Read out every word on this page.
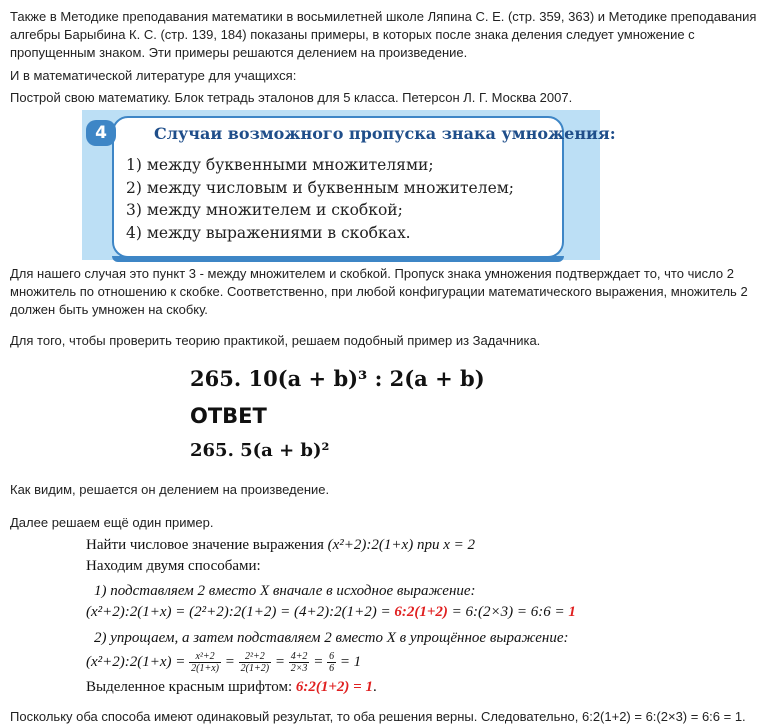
Также в Методике преподавания математики в восьмилетней школе Ляпина С. Е. (стр. 359, 363) и Методике преподавания алгебры Барыбина К. С. (стр. 139, 184) показаны примеры, в которых после знака деления следует умножение с пропущенным знаком. Эти примеры решаются делением на произведение.

И в математической литературе для учащихся:

Построй свою математику. Блок тетрадь эталонов для 5 класса. Петерсон Л. Г. Москва 2007.

Случаи возможного пропуска знака умножения:
1) между буквенными множителями;
2) между числовым и буквенным множителем;
3) между множителем и скобкой;
4) между выражениями в скобках.
4

Для нашего случая это пункт 3 - между множителем и скобкой. Пропуск знака умножения подтверждает то, что число 2 множитель по отношению к скобке. Соответственно, при любой конфигурации математического выражения, множитель 2 должен быть умножен на скобку.

Для того, чтобы проверить теорию практикой, решаем подобный пример из Задачника.

265. 10(a + b)³ : 2(a + b)
ОТВЕТ
265. 5(a + b)²

Как видим, решается он делением на произведение.

Далее решаем ещё один пример.

Найти числовое значение выражения (x²+2):2(1+x) при x = 2
Находим двумя способами:
1) подставляем 2 вместо Х вначале в исходное выражение:
(x²+2):2(1+x) = (2²+2):2(1+2) = (4+2):2(1+2) = 6:2(1+2) = 6:(2×3) = 6:6 = 1
2) упрощаем, а затем подставляем 2 вместо Х в упрощённое выражение:
(x²+2):2(1+x) = $\frac{\text{x²+2}}{2(1+x)} = \frac{\text{2²+2}}{2(1+2)} = \frac{4+2}{2\times 3} = \frac{6}{6} = 1$
Выделенное красным шрифтом: 6:2(1+2) = 1.

Поскольку оба способа имеют одинаковый результат, то оба решения верны. Следовательно, 6:2(1+2) = 6:(2×3) = 6:6 = 1.
